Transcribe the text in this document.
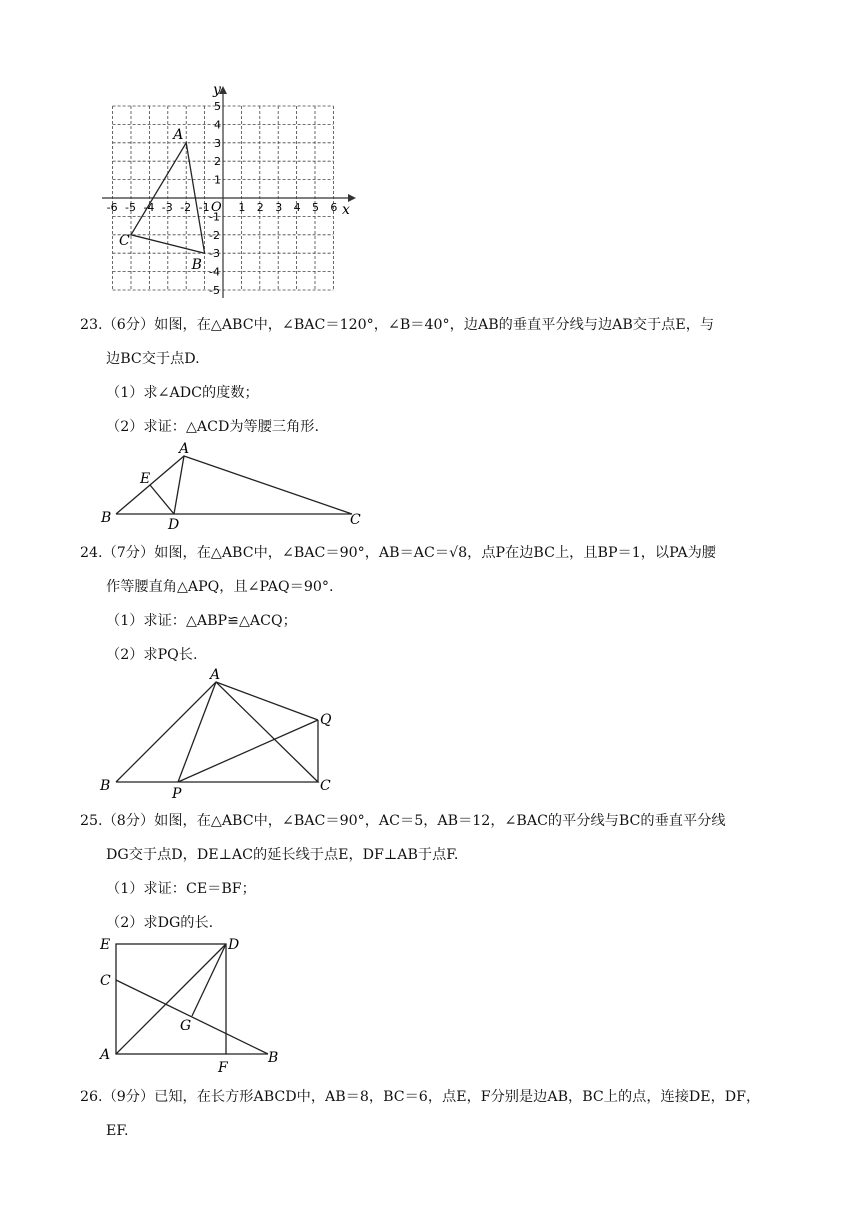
x
y
O
-6 -5 -4 -3 -2 -1	1 2 3 4 5 6
5
4
3
2
1
-1
-2
-3
-4
-5
A
B
C
23.（6分）如图，在△ABC中，∠BAC＝120°，∠B＝40°，边AB的垂直平分线与边AB交于点E，与
边BC交于点D.
（1）求∠ADC的度数；
（2）求证：△ACD为等腰三角形.
A
E
B	D	C
24.（7分）如图，在△ABC中，∠BAC＝90°，AB＝AC＝√8，点P在边BC上，且BP＝1，以PA为腰
作等腰直角△APQ，且∠PAQ＝90°.
（1）求证：△ABP≌△ACQ；
（2）求PQ长.
A
Q
B	P	C
25.（8分）如图，在△ABC中，∠BAC＝90°，AC＝5，AB＝12，∠BAC的平分线与BC的垂直平分线
DG交于点D，DE⊥AC的延长线于点E，DF⊥AB于点F.
（1）求证：CE＝BF；
（2）求DG的长.
E	D
C
G
A
F
B
26.（9分）已知，在长方形ABCD中，AB＝8，BC＝6，点E，F分别是边AB，BC上的点，连接DE，DF，
EF.
